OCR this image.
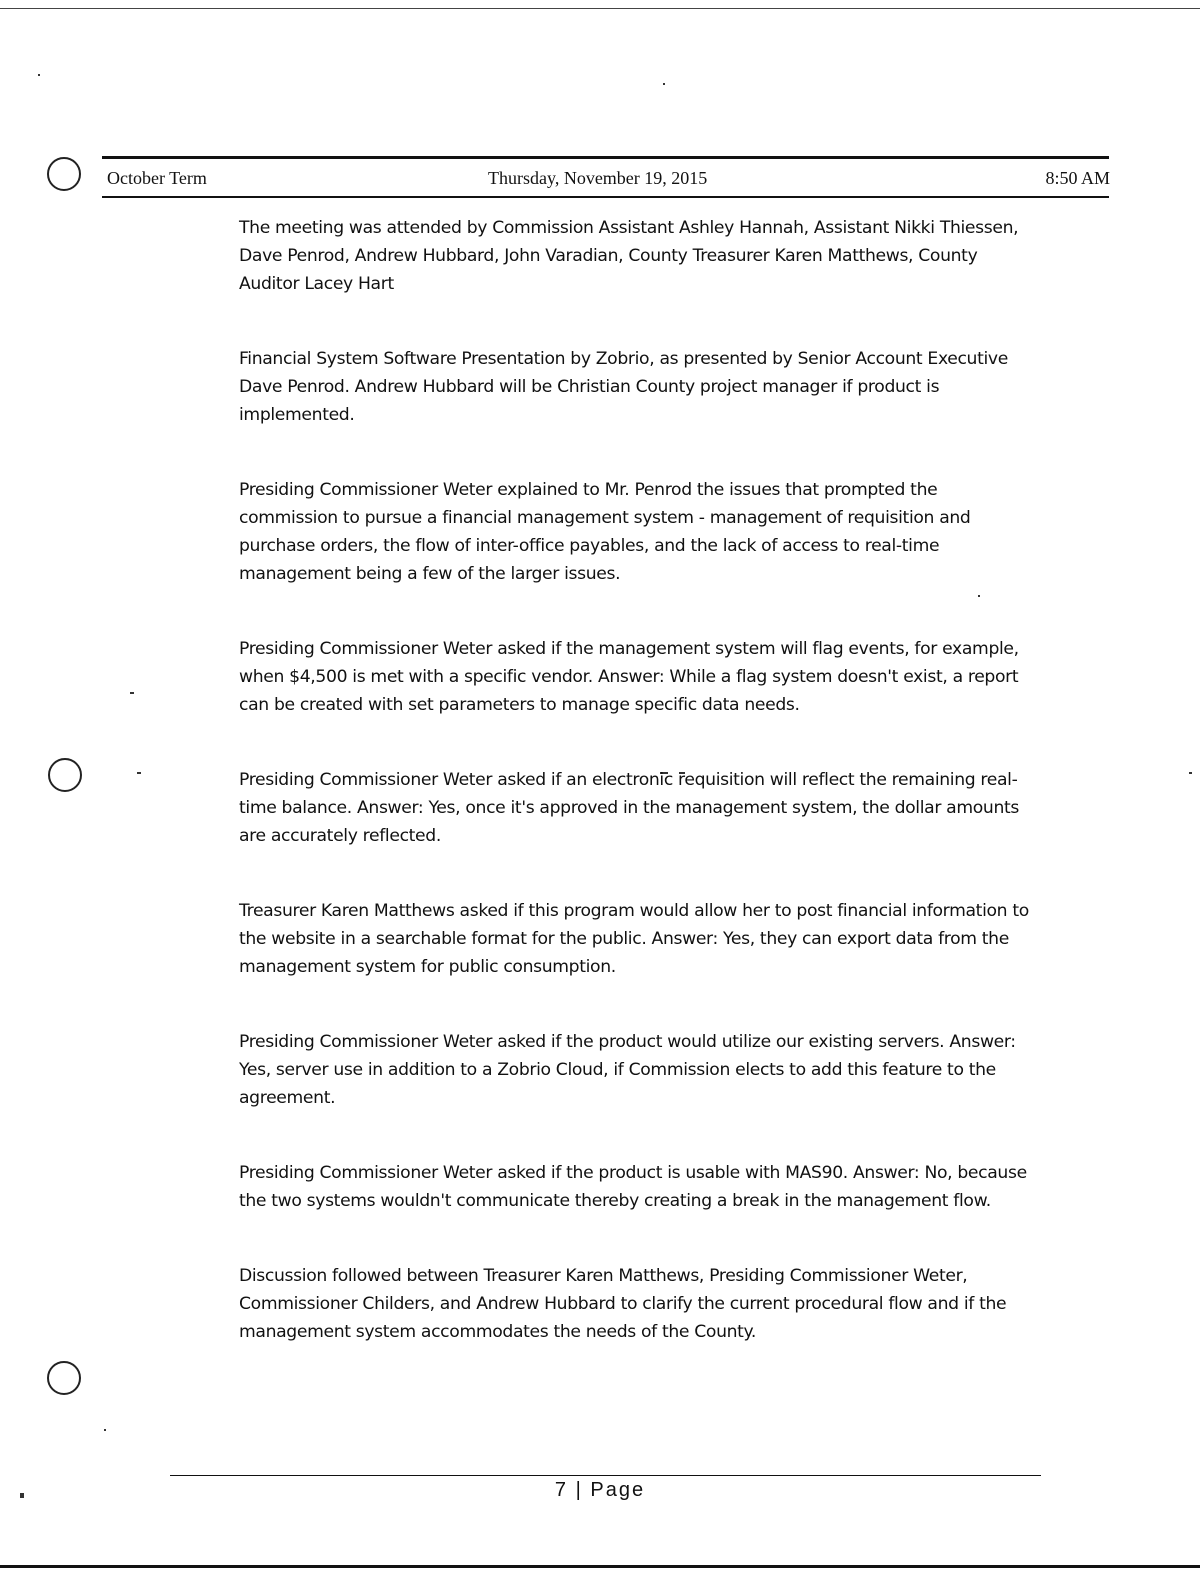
October Term	Thursday, November 19, 2015	8:50 AM

The meeting was attended by Commission Assistant Ashley Hannah, Assistant Nikki Thiessen, Dave Penrod, Andrew Hubbard, John Varadian, County Treasurer Karen Matthews, County Auditor Lacey Hart

Financial System Software Presentation by Zobrio, as presented by Senior Account Executive Dave Penrod. Andrew Hubbard will be Christian County project manager if product is implemented.

Presiding Commissioner Weter explained to Mr. Penrod the issues that prompted the commission to pursue a financial management system - management of requisition and purchase orders, the flow of inter-office payables, and the lack of access to real-time management being a few of the larger issues.

Presiding Commissioner Weter asked if the management system will flag events, for example, when $4,500 is met with a specific vendor. Answer: While a flag system doesn't exist, a report can be created with set parameters to manage specific data needs.

Presiding Commissioner Weter asked if an electronic requisition will reflect the remaining real-time balance. Answer: Yes, once it's approved in the management system, the dollar amounts are accurately reflected.

Treasurer Karen Matthews asked if this program would allow her to post financial information to the website in a searchable format for the public. Answer: Yes, they can export data from the management system for public consumption.

Presiding Commissioner Weter asked if the product would utilize our existing servers. Answer: Yes, server use in addition to a Zobrio Cloud, if Commission elects to add this feature to the agreement.

Presiding Commissioner Weter asked if the product is usable with MAS90. Answer: No, because the two systems wouldn't communicate thereby creating a break in the management flow.

Discussion followed between Treasurer Karen Matthews, Presiding Commissioner Weter, Commissioner Childers, and Andrew Hubbard to clarify the current procedural flow and if the management system accommodates the needs of the County.

7 | Page
